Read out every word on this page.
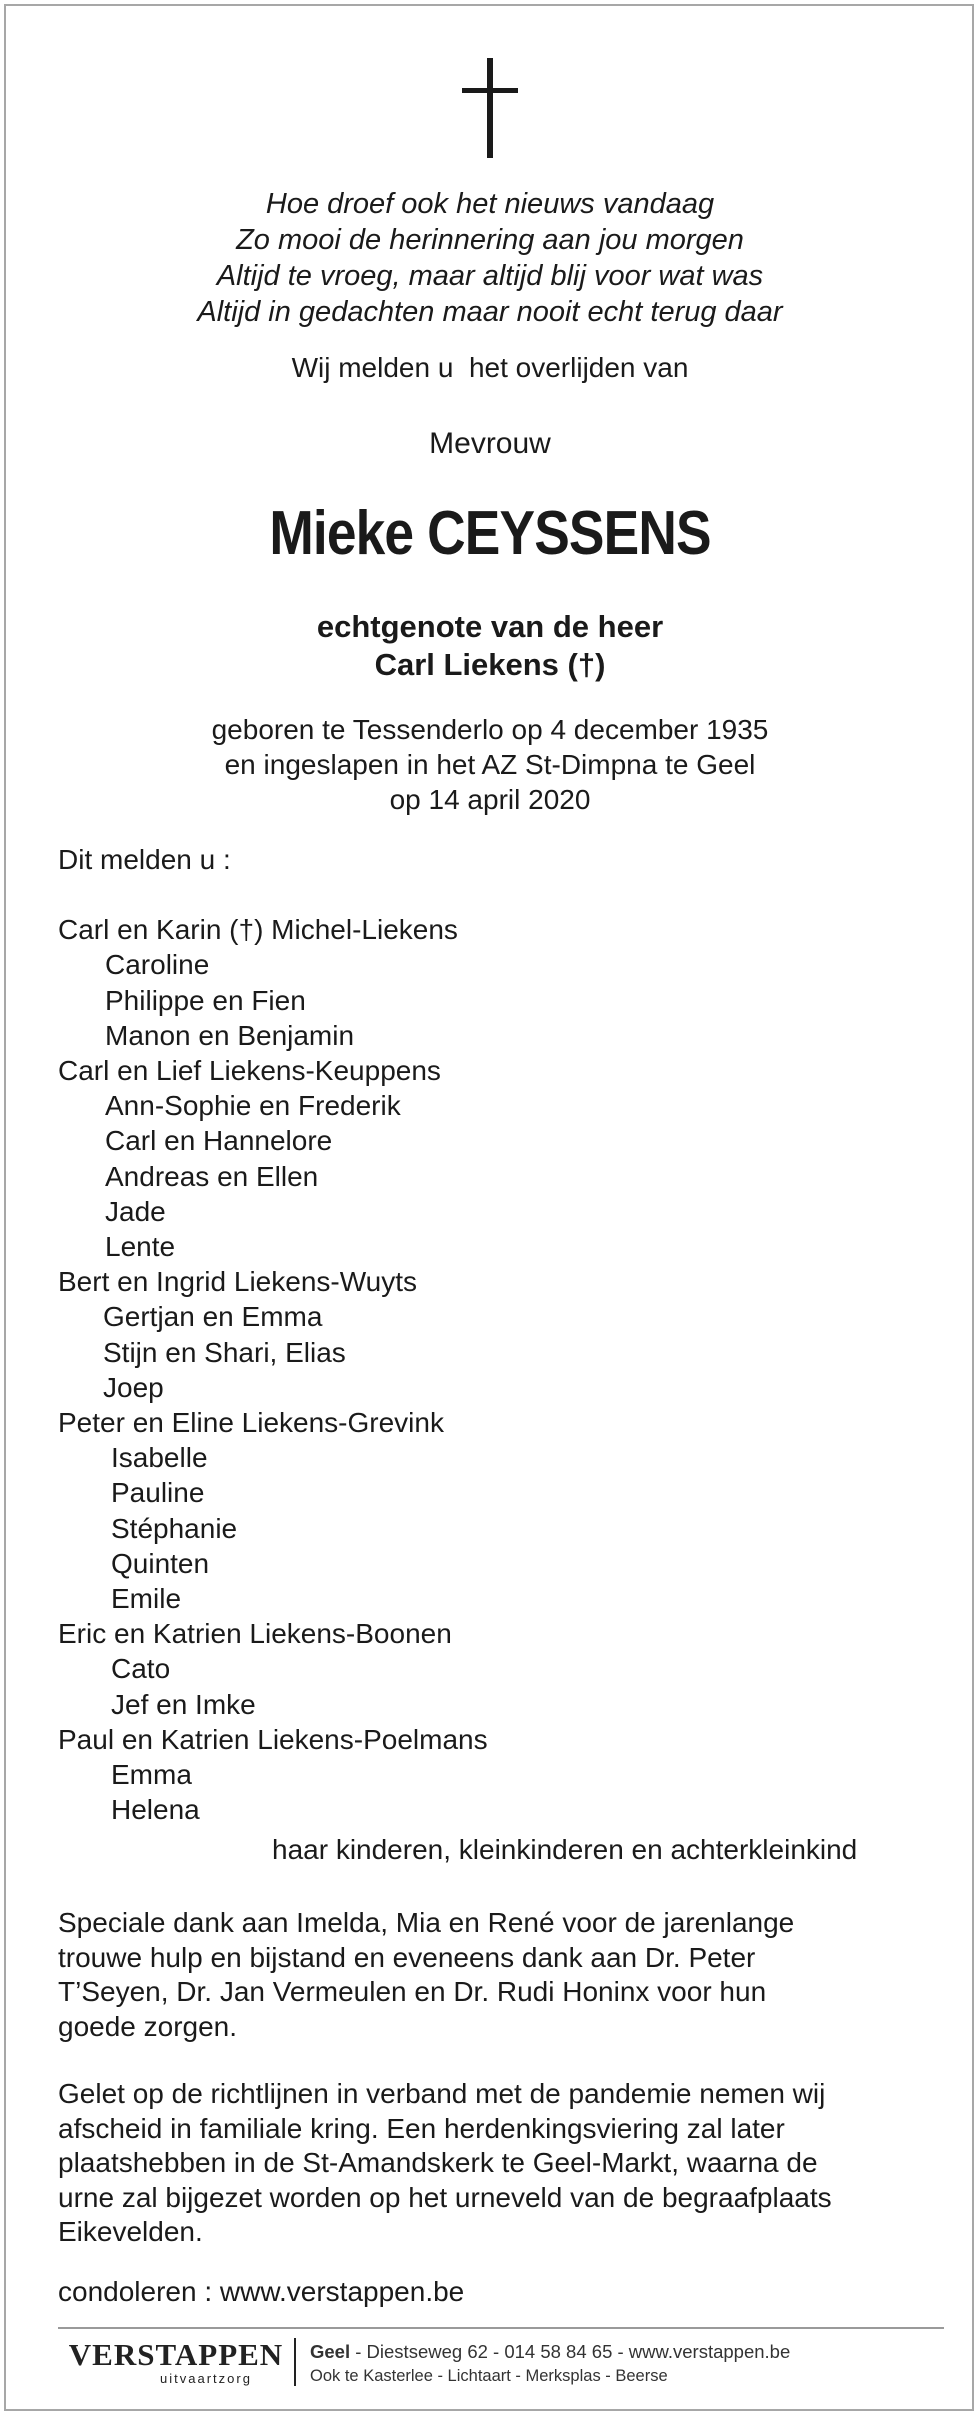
Hoe droef ook het nieuws vandaag
Zo mooi de herinnering aan jou morgen
Altijd te vroeg, maar altijd blij voor wat was
Altijd in gedachten maar nooit echt terug daar
Wij melden u  het overlijden van
Mevrouw
Mieke CEYSSENS
echtgenote van de heer
Carl Liekens (†)
geboren te Tessenderlo op 4 december 1935
en ingeslapen in het AZ St-Dimpna te Geel
op 14 april 2020
Dit melden u :
Carl en Karin (†) Michel-Liekens
Caroline
Philippe en Fien
Manon en Benjamin
Carl en Lief Liekens-Keuppens
Ann-Sophie en Frederik
Carl en Hannelore
Andreas en Ellen
Jade
Lente
Bert en Ingrid Liekens-Wuyts
Gertjan en Emma
Stijn en Shari, Elias
Joep
Peter en Eline Liekens-Grevink
Isabelle
Pauline
Stéphanie
Quinten
Emile
Eric en Katrien Liekens-Boonen
Cato
Jef en Imke
Paul en Katrien Liekens-Poelmans
Emma
Helena
haar kinderen, kleinkinderen en achterkleinkind
Speciale dank aan Imelda, Mia en René voor de jarenlange
trouwe hulp en bijstand en eveneens dank aan Dr. Peter
T’Seyen, Dr. Jan Vermeulen en Dr. Rudi Honinx voor hun
goede zorgen.
Gelet op de richtlijnen in verband met de pandemie nemen wij
afscheid in familiale kring. Een herdenkingsviering zal later
plaatshebben in de St-Amandskerk te Geel-Markt, waarna de
urne zal bijgezet worden op het urneveld van de begraafplaats
Eikevelden.
condoleren : www.verstappen.be
VERSTAPPEN
uitvaartzorg
Geel - Diestseweg 62 - 014 58 84 65 - www.verstappen.be
Ook te Kasterlee - Lichtaart - Merksplas - Beerse
